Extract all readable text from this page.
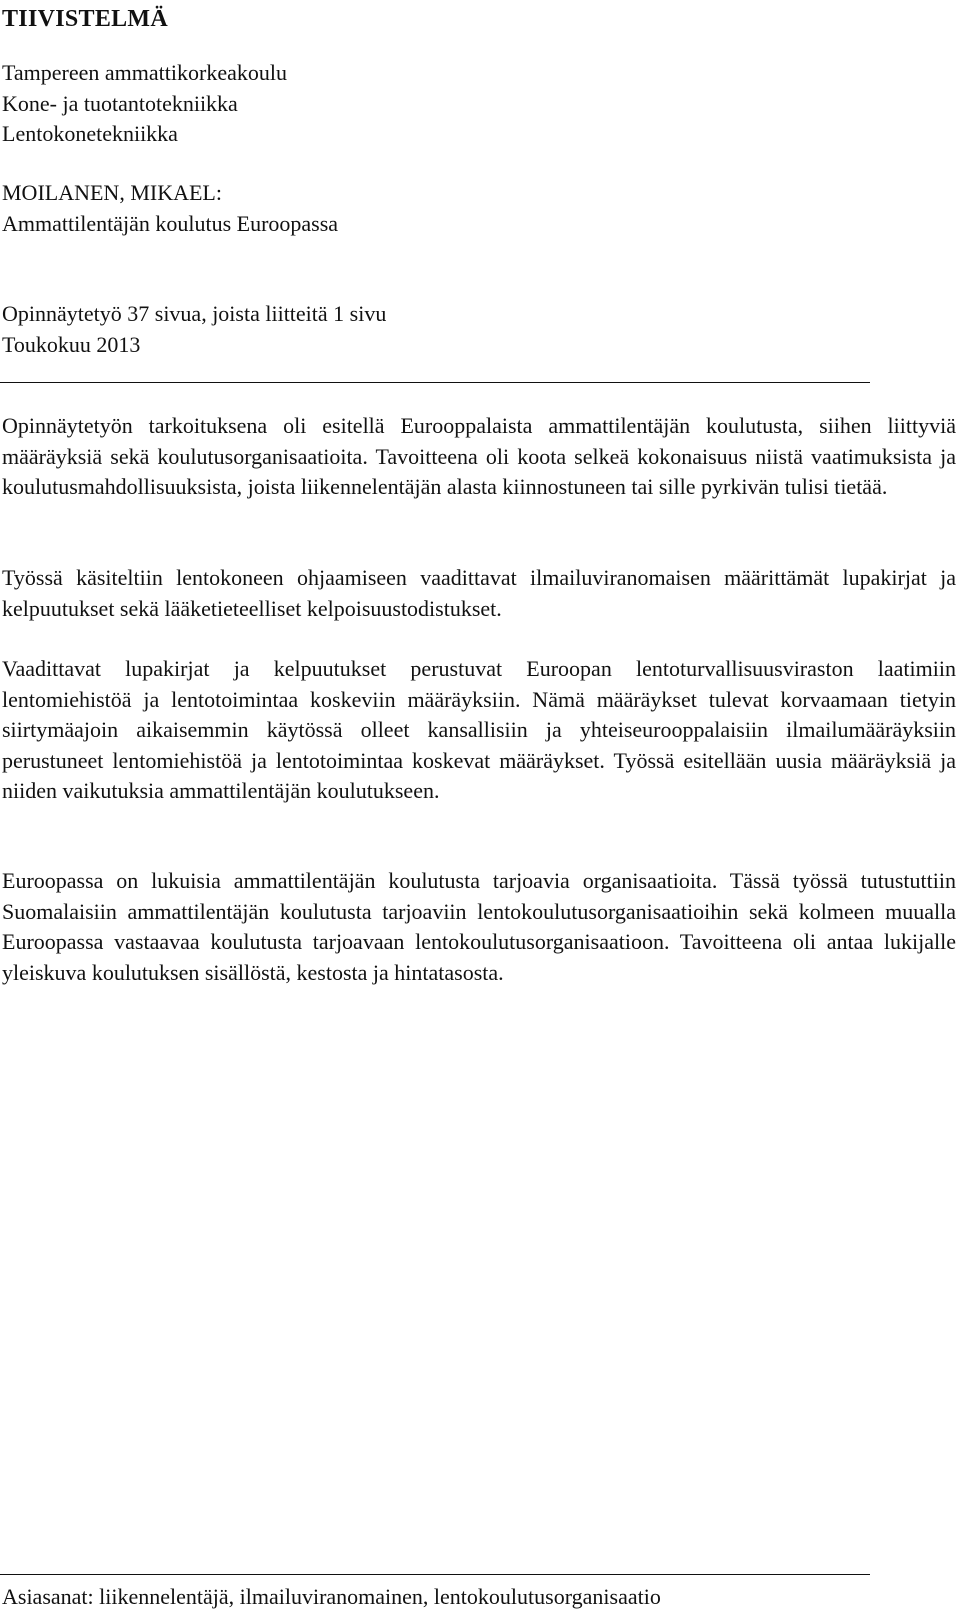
TIIVISTELMÄ
Tampereen ammattikorkeakoulu
Kone- ja tuotantotekniikka
Lentokonetekniikka
MOILANEN, MIKAEL:
Ammattilentäjän koulutus Euroopassa
Opinnäytetyö 37 sivua, joista liitteitä 1 sivu
Toukokuu 2013

Opinnäytetyön tarkoituksena oli esitellä Eurooppalaista ammattilentäjän koulutusta, siihen liittyviä määräyksiä sekä koulutusorganisaatioita. Tavoitteena oli koota selkeä kokonaisuus niistä vaatimuksista ja koulutusmahdollisuuksista, joista liikennelentäjän alasta kiinnostuneen tai sille pyrkivän tulisi tietää.

Työssä käsiteltiin lentokoneen ohjaamiseen vaadittavat ilmailuviranomaisen määrittämät lupakirjat ja kelpuutukset sekä lääketieteelliset kelpoisuustodistukset.

Vaadittavat lupakirjat ja kelpuutukset perustuvat Euroopan lentoturvallisuusviraston laatimiin lentomiehistöä ja lentotoimintaa koskeviin määräyksiin. Nämä määräykset tulevat korvaamaan tietyin siirtymäajoin aikaisemmin käytössä olleet kansallisiin ja yhteiseurooppalaisiin ilmailumääräyksiin perustuneet lentomiehistöä ja lentotoimintaa koskevat määräykset. Työssä esitellään uusia määräyksiä ja niiden vaikutuksia ammattilentäjän koulutukseen.

Euroopassa on lukuisia ammattilentäjän koulutusta tarjoavia organisaatioita. Tässä työssä tutustuttiin Suomalaisiin ammattilentäjän koulutusta tarjoaviin lentokoulutusorganisaatioihin sekä kolmeen muualla Euroopassa vastaavaa koulutusta tarjoavaan lentokoulutusorganisaatioon. Tavoitteena oli antaa lukijalle yleiskuva koulutuksen sisällöstä, kestosta ja hintatasosta.

Asiasanat: liikennelentäjä, ilmailuviranomainen, lentokoulutusorganisaatio
